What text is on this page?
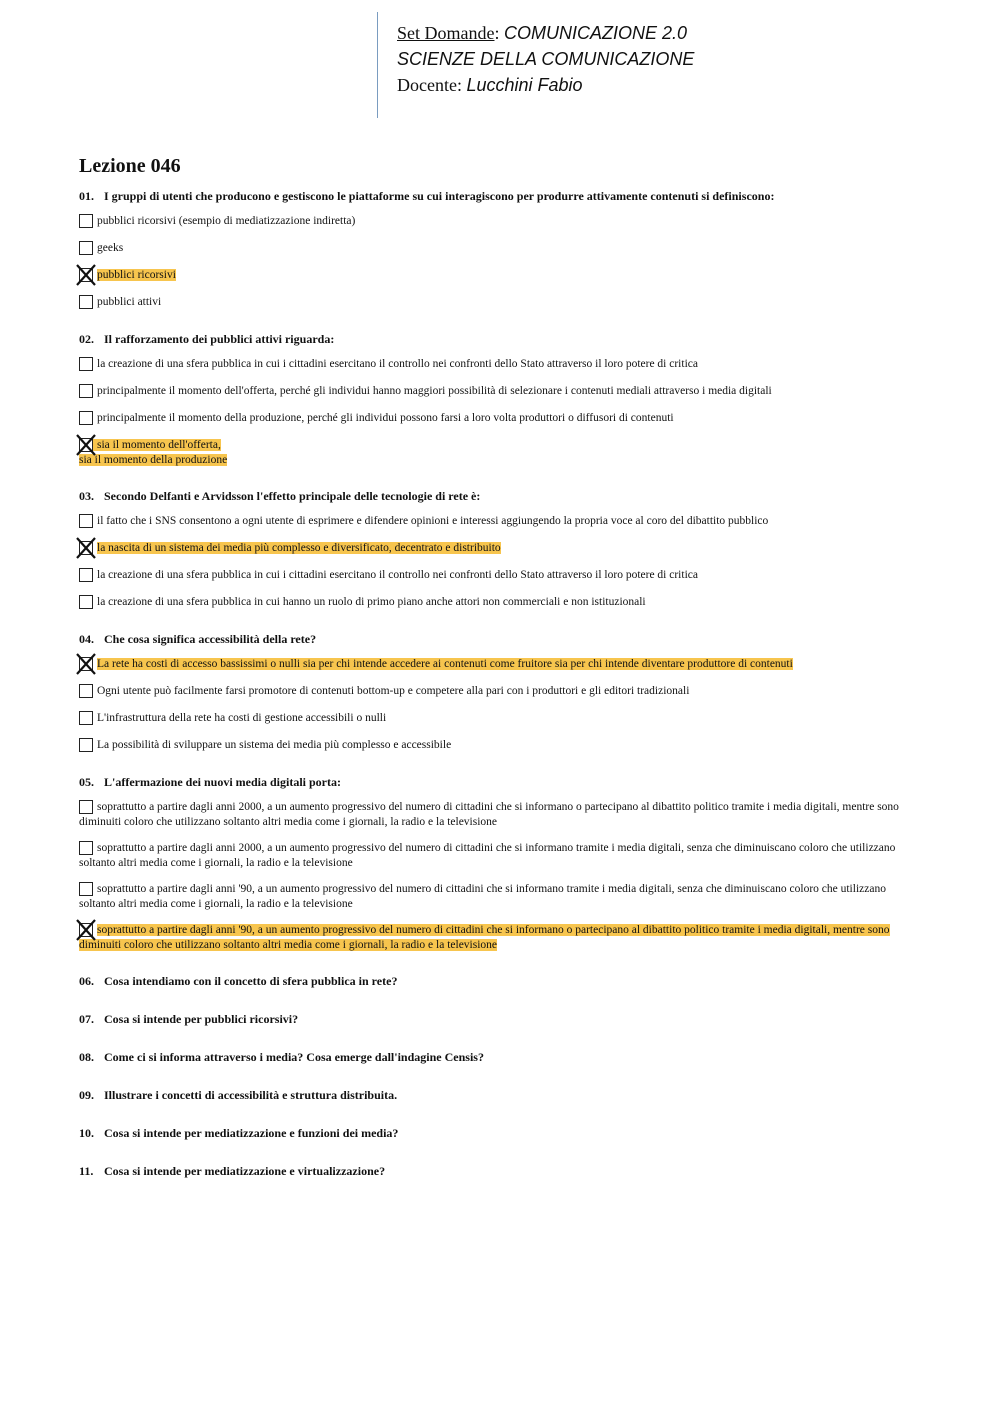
Set Domande: COMUNICAZIONE 2.0
SCIENZE DELLA COMUNICAZIONE
Docente: Lucchini Fabio
Lezione 046

01. I gruppi di utenti che producono e gestiscono le piattaforme su cui interagiscono per produrre attivamente contenuti si definiscono:

pubblici ricorsivi (esempio di mediatizzazione indiretta)
geeks
pubblici ricorsivi
pubblici attivi

02. Il rafforzamento dei pubblici attivi riguarda:

la creazione di una sfera pubblica in cui i cittadini esercitano il controllo nei confronti dello Stato attraverso il loro potere di critica
principalmente il momento dell'offerta, perché gli individui hanno maggiori possibilità di selezionare i contenuti mediali attraverso i media digitali
principalmente il momento della produzione, perché gli individui possono farsi a loro volta produttori o diffusori di contenuti
sia il momento dell'offerta,
sia il momento della produzione

03. Secondo Delfanti e Arvidsson l'effetto principale delle tecnologie di rete è:

il fatto che i SNS consentono a ogni utente di esprimere e difendere opinioni e interessi aggiungendo la propria voce al coro del dibattito pubblico
la nascita di un sistema dei media più complesso e diversificato, decentrato e distribuito
la creazione di una sfera pubblica in cui i cittadini esercitano il controllo nei confronti dello Stato attraverso il loro potere di critica
la creazione di una sfera pubblica in cui hanno un ruolo di primo piano anche attori non commerciali e non istituzionali

04. Che cosa significa accessibilità della rete?

La rete ha costi di accesso bassissimi o nulli sia per chi intende accedere ai contenuti come fruitore sia per chi intende diventare produttore di contenuti
Ogni utente può facilmente farsi promotore di contenuti bottom-up e competere alla pari con i produttori e gli editori tradizionali
L'infrastruttura della rete ha costi di gestione accessibili o nulli
La possibilità di sviluppare un sistema dei media più complesso e accessibile

05. L'affermazione dei nuovi media digitali porta:

soprattutto a partire dagli anni 2000, a un aumento progressivo del numero di cittadini che si informano o partecipano al dibattito politico tramite i media digitali, mentre sono diminuiti coloro che utilizzano soltanto altri media come i giornali, la radio e la televisione
soprattutto a partire dagli anni 2000, a un aumento progressivo del numero di cittadini che si informano tramite i media digitali, senza che diminuiscano coloro che utilizzano soltanto altri media come i giornali, la radio e la televisione
soprattutto a partire dagli anni '90, a un aumento progressivo del numero di cittadini che si informano tramite i media digitali, senza che diminuiscano coloro che utilizzano soltanto altri media come i giornali, la radio e la televisione
soprattutto a partire dagli anni '90, a un aumento progressivo del numero di cittadini che si informano o partecipano al dibattito politico tramite i media digitali, mentre sono diminuiti coloro che utilizzano soltanto altri media come i giornali, la radio e la televisione

06. Cosa intendiamo con il concetto di sfera pubblica in rete?

07. Cosa si intende per pubblici ricorsivi?

08. Come ci si informa attraverso i media? Cosa emerge dall'indagine Censis?

09. Illustrare i concetti di accessibilità e struttura distribuita.

10. Cosa si intende per mediatizzazione e funzioni dei media?

11. Cosa si intende per mediatizzazione e virtualizzazione?
